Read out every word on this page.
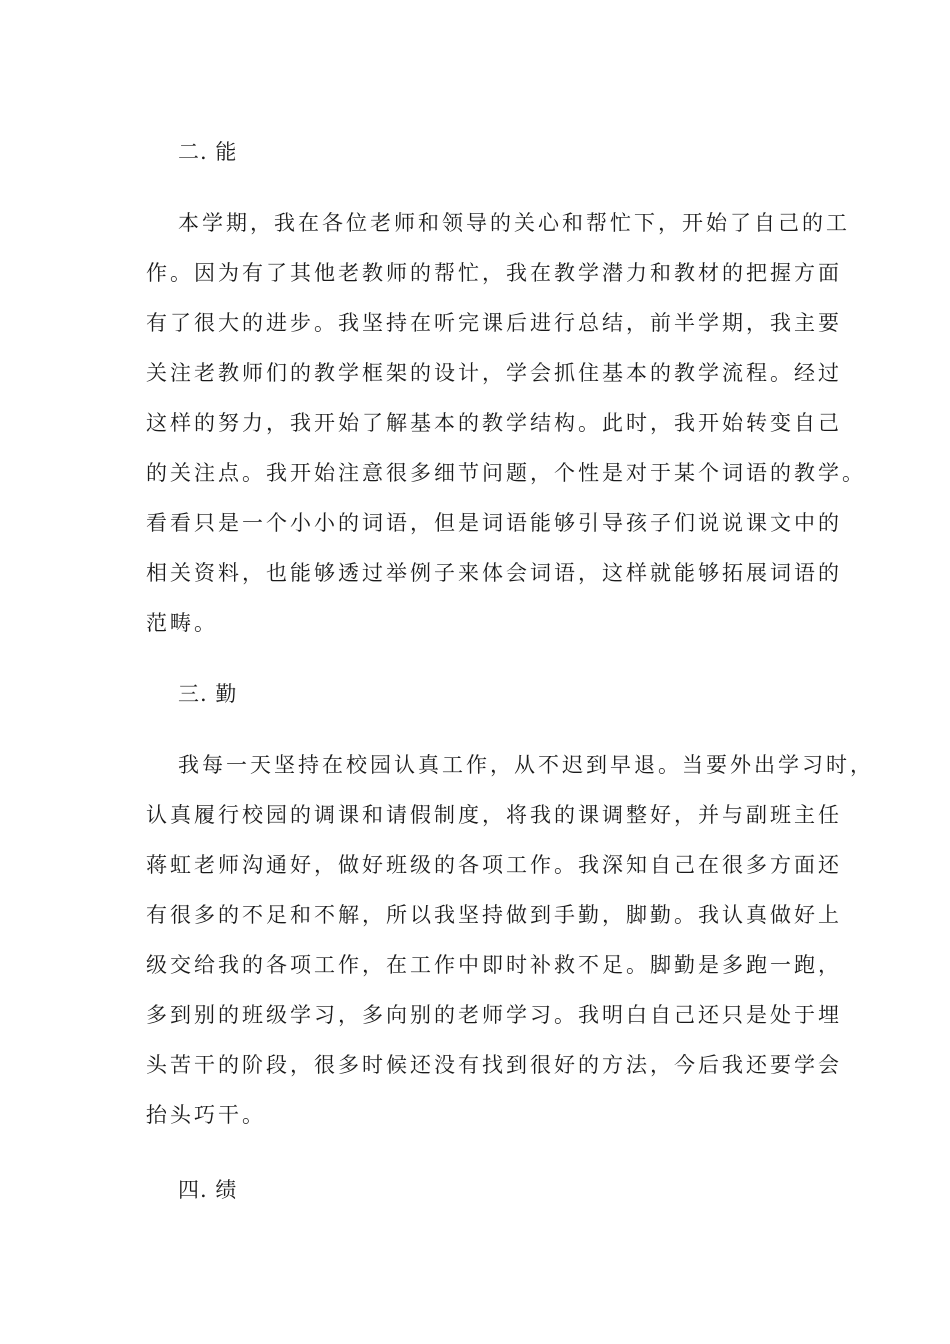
二. 能
本学期，我在各位老师和领导的关心和帮忙下，开始了自己的工
作。因为有了其他老教师的帮忙，我在教学潜力和教材的把握方面
有了很大的进步。我坚持在听完课后进行总结，前半学期，我主要
关注老教师们的教学框架的设计，学会抓住基本的教学流程。经过
这样的努力，我开始了解基本的教学结构。此时，我开始转变自己
的关注点。我开始注意很多细节问题，个性是对于某个词语的教学。
看看只是一个小小的词语，但是词语能够引导孩子们说说课文中的
相关资料，也能够透过举例子来体会词语，这样就能够拓展词语的
范畴。
三. 勤
我每一天坚持在校园认真工作，从不迟到早退。当要外出学习时，
认真履行校园的调课和请假制度，将我的课调整好，并与副班主任
蒋虹老师沟通好，做好班级的各项工作。我深知自己在很多方面还
有很多的不足和不解，所以我坚持做到手勤，脚勤。我认真做好上
级交给我的各项工作，在工作中即时补救不足。脚勤是多跑一跑，
多到别的班级学习，多向别的老师学习。我明白自己还只是处于埋
头苦干的阶段，很多时候还没有找到很好的方法，今后我还要学会
抬头巧干。
四. 绩
